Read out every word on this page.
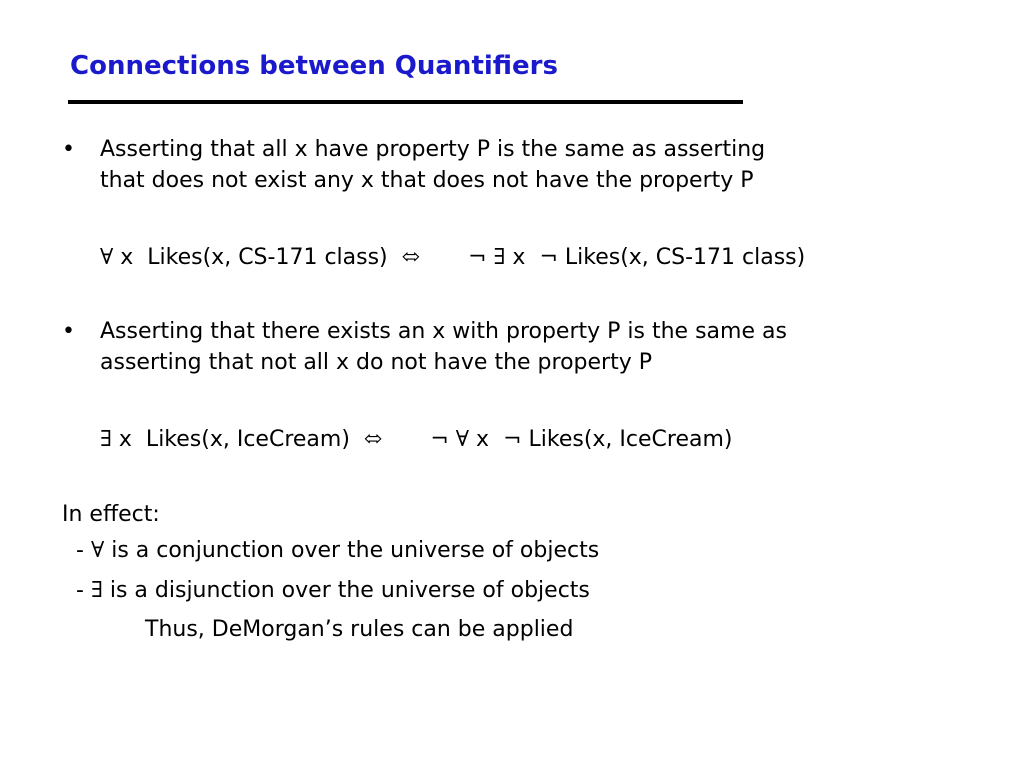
Connections between Quantifiers
• Asserting that all x have property P is the same as asserting
that does not exist any x that does not have the property P
∀ x  Likes(x, CS-171 class)  ⬄ ¬ ∃ x  ¬ Likes(x, CS-171 class)
• Asserting that there exists an x with property P is the same as
asserting that not all x do not have the property P
∃ x  Likes(x, IceCream)  ⬄ ¬ ∀ x  ¬ Likes(x, IceCream)
In effect:
- ∀ is a conjunction over the universe of objects
- ∃ is a disjunction over the universe of objects
Thus, DeMorgan’s rules can be applied
